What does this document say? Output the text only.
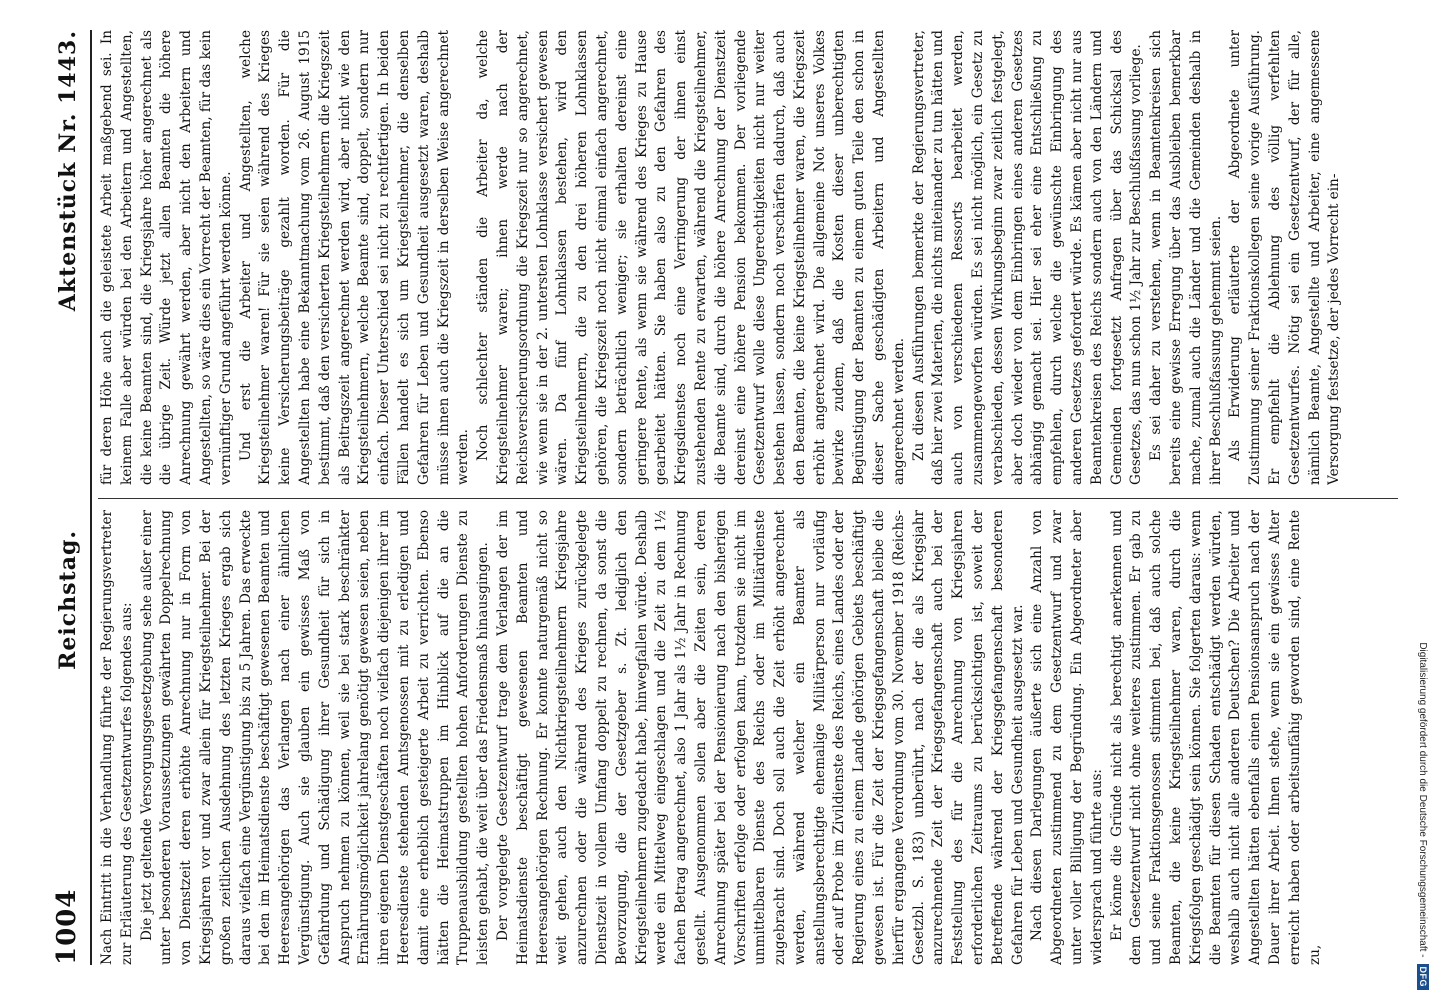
1004
Reichstag.
Aktenstück Nr. 1443.

Nach Eintritt in die Verhandlung führte der Regierungsvertreter zur Erläuterung des Gesetzentwurfes folgendes aus: Die jetzt geltende Versorgungsgesetzgebung sehe außer einer unter besonderen Voraussetzungen gewährten Doppelrechnung von Dienstzeit deren erhöhte Anrechnung nur in Form von Kriegsjahren vor und zwar allein für Kriegsteilnehmer. Bei der großen zeitlichen Ausdehnung des letzten Krieges ergab sich daraus vielfach eine Vergünstigung bis zu 5 Jahren. Das erweckte bei den im Heimatsdienste beschäftigt gewesenen Beamten und Heeresangehörigen das Verlangen nach einer ähnlichen Vergünstigung. Auch sie glauben ein gewisses Maß von Gefährdung und Schädigung ihrer Gesundheit für sich in Anspruch nehmen zu können, weil sie bei stark beschränkter Ernährungsmöglichkeit jahrelang genötigt gewesen seien, neben ihren eigenen Dienstgeschäften noch vielfach diejenigen ihrer im Heeresdienste stehenden Amtsgenossen mit zu erledigen und damit eine erheblich gesteigerte Arbeit zu verrichten. Ebenso hätten die Heimatstruppen im Hinblick auf die an die Truppenausbildung gestellten hohen Anforderungen Dienste zu leisten gehabt, die weit über das Friedensmaß hinausgingen. Der vorgelegte Gesetzentwurf trage dem Verlangen der im Heimatsdienste beschäftigt gewesenen Beamten und Heeresangehörigen Rechnung. Er konnte naturgemäß nicht so weit gehen, auch den Nichtkriegsteilnehmern Kriegsjahre anzurechnen oder die während des Krieges zurückgelegte Dienstzeit in vollem Umfang doppelt zu rechnen, da sonst die Bevorzugung, die der Gesetzgeber s. Zt. lediglich den Kriegsteilnehmern zugedacht habe, hinwegfallen würde. Deshalb werde ein Mittelweg eingeschlagen und die Zeit zu dem 1½ fachen Betrag angerechnet, also 1 Jahr als 1½ Jahr in Rechnung gestellt. Ausgenommen sollen aber die Zeiten sein, deren Anrechnung später bei der Pensionierung nach den bisherigen Vorschriften erfolge oder erfolgen kann, trotzdem sie nicht im unmittelbaren Dienste des Reichs oder im Militärdienste zugebracht sind. Doch soll auch die Zeit erhöht angerechnet werden, während welcher ein Beamter als anstellungsberechtigte ehemalige Militärperson nur vorläufig oder auf Probe im Zivildienste des Reichs, eines Landes oder der Regierung eines zu einem Lande gehörigen Gebiets beschäftigt gewesen ist. Für die Zeit der Kriegsgefangenschaft bleibe die hierfür ergangene Verordnung vom 30. November 1918 (Reichs-Gesetzbl. S. 183) unberührt, nach der die als Kriegsjahr anzurechnende Zeit der Kriegsgefangenschaft auch bei der Feststellung des für die Anrechnung von Kriegsjahren erforderlichen Zeitraums zu berücksichtigen ist, soweit der Betreffende während der Kriegsgefangenschaft besonderen Gefahren für Leben und Gesundheit ausgesetzt war. Nach diesen Darlegungen äußerte sich eine Anzahl von Abgeordneten zustimmend zu dem Gesetzentwurf und zwar unter voller Billigung der Begründung. Ein Abgeordneter aber widersprach und führte aus: Er könne die Gründe nicht als berechtigt anerkennen und dem Gesetzentwurf nicht ohne weiteres zustimmen. Er gab zu und seine Fraktionsgenossen stimmten bei, daß auch solche Beamten, die keine Kriegsteilnehmer waren, durch die Kriegsfolgen geschädigt sein können. Sie folgerten daraus: wenn die Beamten für diesen Schaden entschädigt werden würden, weshalb auch nicht alle anderen Deutschen? Die Arbeiter und Angestellten hätten ebenfalls einen Pensionsanspruch nach der Dauer ihrer Arbeit. Ihnen stehe, wenn sie ein gewisses Alter erreicht haben oder arbeitsunfähig geworden sind, eine Rente zu,

für deren Höhe auch die geleistete Arbeit maßgebend sei. In keinem Falle aber würden bei den Arbeitern und Angestellten, die keine Beamten sind, die Kriegsjahre höher angerechnet als die übrige Zeit. Würde jetzt allen Beamten die höhere Anrechnung gewährt werden, aber nicht den Arbeitern und Angestellten, so wäre dies ein Vorrecht der Beamten, für das kein vernünftiger Grund angeführt werden könne. Und erst die Arbeiter und Angestellten, welche Kriegsteilnehmer waren! Für sie seien während des Krieges keine Versicherungsbeiträge gezahlt worden. Für die Angestellten habe eine Bekanntmachung vom 26. August 1915 bestimmt, daß den versicherten Kriegsteilnehmern die Kriegszeit als Beitragszeit angerechnet werden wird, aber nicht wie den Kriegsteilnehmern, welche Beamte sind, doppelt, sondern nur einfach. Dieser Unterschied sei nicht zu rechtfertigen. In beiden Fällen handelt es sich um Kriegsteilnehmer, die denselben Gefahren für Leben und Gesundheit ausgesetzt waren, deshalb müsse ihnen auch die Kriegszeit in derselben Weise angerechnet werden. Noch schlechter ständen die Arbeiter da, welche Kriegsteilnehmer waren; ihnen werde nach der Reichsversicherungsordnung die Kriegszeit nur so angerechnet, wie wenn sie in der 2. untersten Lohnklasse versichert gewesen wären. Da fünf Lohnklassen bestehen, wird den Kriegsteilnehmern, die zu den drei höheren Lohnklassen gehören, die Kriegszeit noch nicht einmal einfach angerechnet, sondern beträchtlich weniger; sie erhalten dereinst eine geringere Rente, als wenn sie während des Krieges zu Hause gearbeitet hätten. Sie haben also zu den Gefahren des Kriegsdienstes noch eine Verringerung der ihnen einst zustehenden Rente zu erwarten, während die Kriegsteilnehmer, die Beamte sind, durch die höhere Anrechnung der Dienstzeit dereinst eine höhere Pension bekommen. Der vorliegende Gesetzentwurf wolle diese Ungerechtigkeiten nicht nur weiter bestehen lassen, sondern noch verschärfen dadurch, daß auch den Beamten, die keine Kriegsteilnehmer waren, die Kriegszeit erhöht angerechnet wird. Die allgemeine Not unseres Volkes bewirke zudem, daß die Kosten dieser unberechtigten Begünstigung der Beamten zu einem guten Teile den schon in dieser Sache geschädigten Arbeitern und Angestellten angerechnet werden. Zu diesen Ausführungen bemerkte der Regierungsvertreter, daß hier zwei Materien, die nichts miteinander zu tun hätten und auch von verschiedenen Ressorts bearbeitet werden, zusammengeworfen würden. Es sei nicht möglich, ein Gesetz zu verabschieden, dessen Wirkungsbeginn zwar zeitlich festgelegt, aber doch wieder von dem Einbringen eines anderen Gesetzes abhängig gemacht sei. Hier sei eher eine Entschließung zu empfehlen, durch welche die gewünschte Einbringung des anderen Gesetzes gefordert würde. Es kämen aber nicht nur aus Beamtenkreisen des Reichs sondern auch von den Ländern und Gemeinden fortgesetzt Anfragen über das Schicksal des Gesetzes, das nun schon 1½ Jahr zur Beschlußfassung vorliege. Es sei daher zu verstehen, wenn in Beamtenkreisen sich bereits eine gewisse Erregung über das Ausbleiben bemerkbar mache, zumal auch die Länder und die Gemeinden deshalb in ihrer Beschlußfassung gehemmt seien. Als Erwiderung erläuterte der Abgeordnete unter Zustimmung seiner Fraktionskollegen seine vorige Ausführung. Er empfiehlt die Ablehnung des völlig verfehlten Gesetzentwurfes. Nötig sei ein Gesetzentwurf, der für alle, nämlich Beamte, Angestellte und Arbeiter, eine angemessene Versorgung festsetze, der jedes Vorrecht ein-

Digitalisierung gefördert durch die Deutsche Forschungsgemeinschaft -
DFG
